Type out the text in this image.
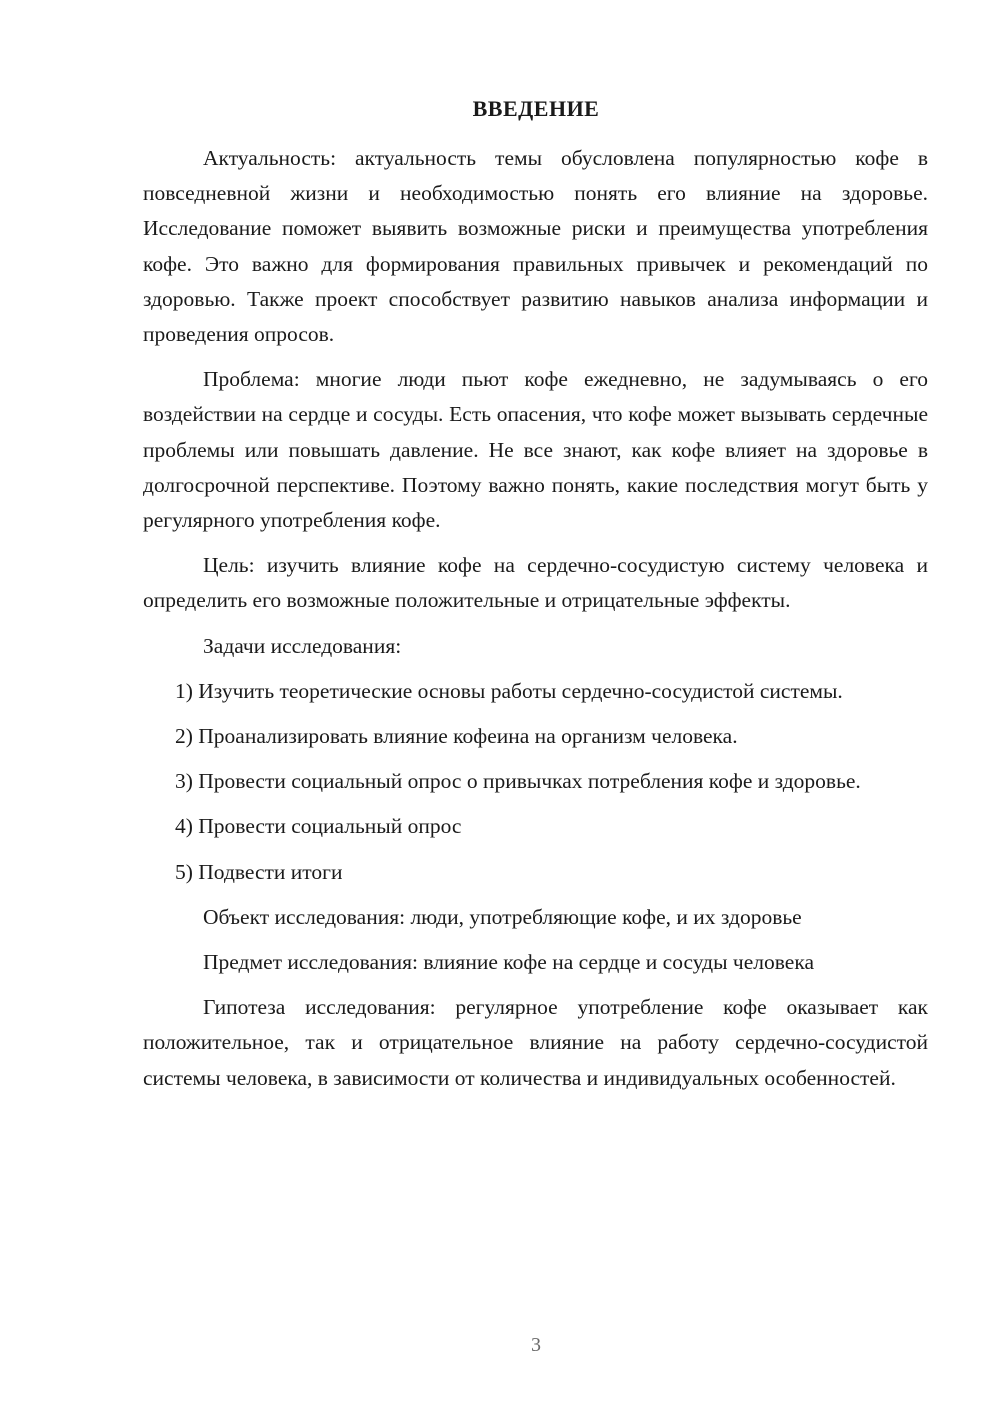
ВВЕДЕНИЕ

Актуальность: актуальность темы обусловлена популярностью кофе в повседневной жизни и необходимостью понять его влияние на здоровье. Исследование поможет выявить возможные риски и преимущества употребления кофе. Это важно для формирования правильных привычек и рекомендаций по здоровью. Также проект способствует развитию навыков анализа информации и проведения опросов.

Проблема: многие люди пьют кофе ежедневно, не задумываясь о его воздействии на сердце и сосуды. Есть опасения, что кофе может вызывать сердечные проблемы или повышать давление. Не все знают, как кофе влияет на здоровье в долгосрочной перспективе. Поэтому важно понять, какие последствия могут быть у регулярного употребления кофе.

Цель: изучить влияние кофе на сердечно-сосудистую систему человека и определить его возможные положительные и отрицательные эффекты.

Задачи исследования:

1) Изучить теоретические основы работы сердечно-сосудистой системы.

2) Проанализировать влияние кофеина на организм человека.

3) Провести социальный опрос о привычках потребления кофе и здоровье.

4) Провести социальный опрос

5) Подвести итоги

Объект исследования: люди, употребляющие кофе, и их здоровье

Предмет исследования: влияние кофе на сердце и сосуды человека

Гипотеза исследования: регулярное употребление кофе оказывает как положительное, так и отрицательное влияние на работу сердечно-сосудистой системы человека, в зависимости от количества и индивидуальных особенностей.

3
